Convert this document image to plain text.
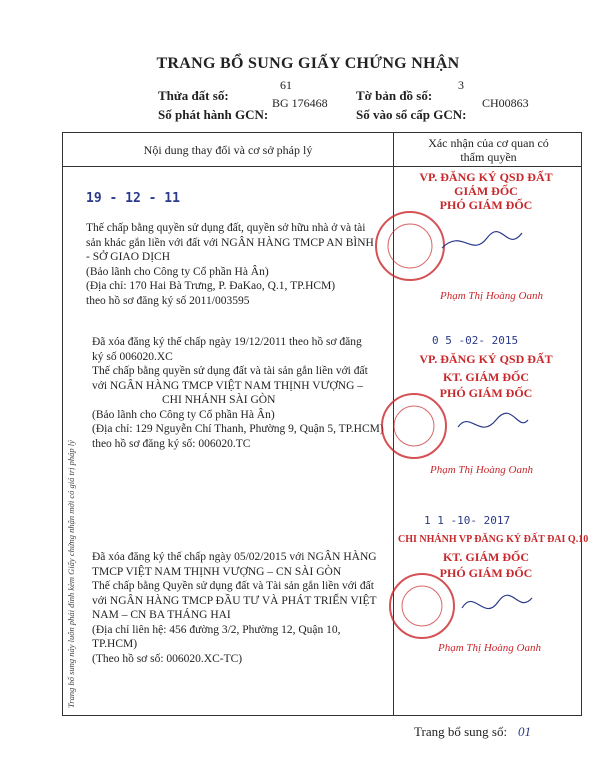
TRANG BỔ SUNG GIẤY CHỨNG NHẬN
61
Thửa đất số:
3
Tờ bản đồ số:
Số phát hành GCN:
BG 176468
Số vào sổ cấp GCN:
CH00863
Nội dung thay đổi và cơ sở pháp lý	Xác nhận của cơ quan có
thẩm quyền
19 - 12 - 11
Thế chấp bằng quyền sử dụng đất, quyền sở hữu nhà ở và tài
sản khác gắn liền với đất với NGÂN HÀNG TMCP AN BÌNH
- SỞ GIAO DỊCH
(Bảo lãnh cho Công ty Cổ phần Hà Ân)
(Địa chỉ: 170 Hai Bà Trưng, P. ĐaKao, Q.1, TP.HCM)
theo hồ sơ đăng ký số 2011/003595
VP. ĐĂNG KÝ QSD ĐẤT
GIÁM ĐỐC
PHÓ GIÁM ĐỐC
Phạm Thị Hoàng Oanh
0 5 -02- 2015
Đã xóa đăng ký thế chấp ngày 19/12/2011 theo hồ sơ đăng
ký số 006020.XC
Thế chấp bằng quyền sử dụng đất và tài sản gắn liền với đất
với NGÂN HÀNG TMCP VIỆT NAM THỊNH VƯỢNG –
CHI NHÁNH SÀI GÒN
(Bảo lãnh cho Công ty Cổ phần Hà Ân)
(Địa chỉ: 129 Nguyễn Chí Thanh, Phường 9, Quận 5, TP.HCM)
theo hồ sơ đăng ký số: 006020.TC
VP. ĐĂNG KÝ QSD ĐẤT
KT. GIÁM ĐỐC
PHÓ GIÁM ĐỐC
Phạm Thị Hoàng Oanh
1 1 -10- 2017
Đã xóa đăng ký thế chấp ngày 05/02/2015 với NGÂN HÀNG
TMCP VIỆT NAM THỊNH VƯỢNG – CN SÀI GÒN
Thế chấp bằng Quyền sử dụng đất và Tài sản gắn liền với đất
với NGÂN HÀNG TMCP ĐẦU TƯ VÀ PHÁT TRIỂN VIỆT
NAM – CN BA THÁNG HAI
(Địa chỉ liên hệ: 456 đường 3/2, Phường 12, Quận 10,
TP.HCM)
(Theo hồ sơ số: 006020.XC-TC)
CHI NHÁNH VP ĐĂNG KÝ ĐẤT ĐAI Q.10
KT. GIÁM ĐỐC
PHÓ GIÁM ĐỐC
Phạm Thị Hoàng Oanh
Trang bổ sung này luôn phải đính kèm Giấy chứng nhận mới có giá trị pháp lý
Trang bổ sung số: 01
